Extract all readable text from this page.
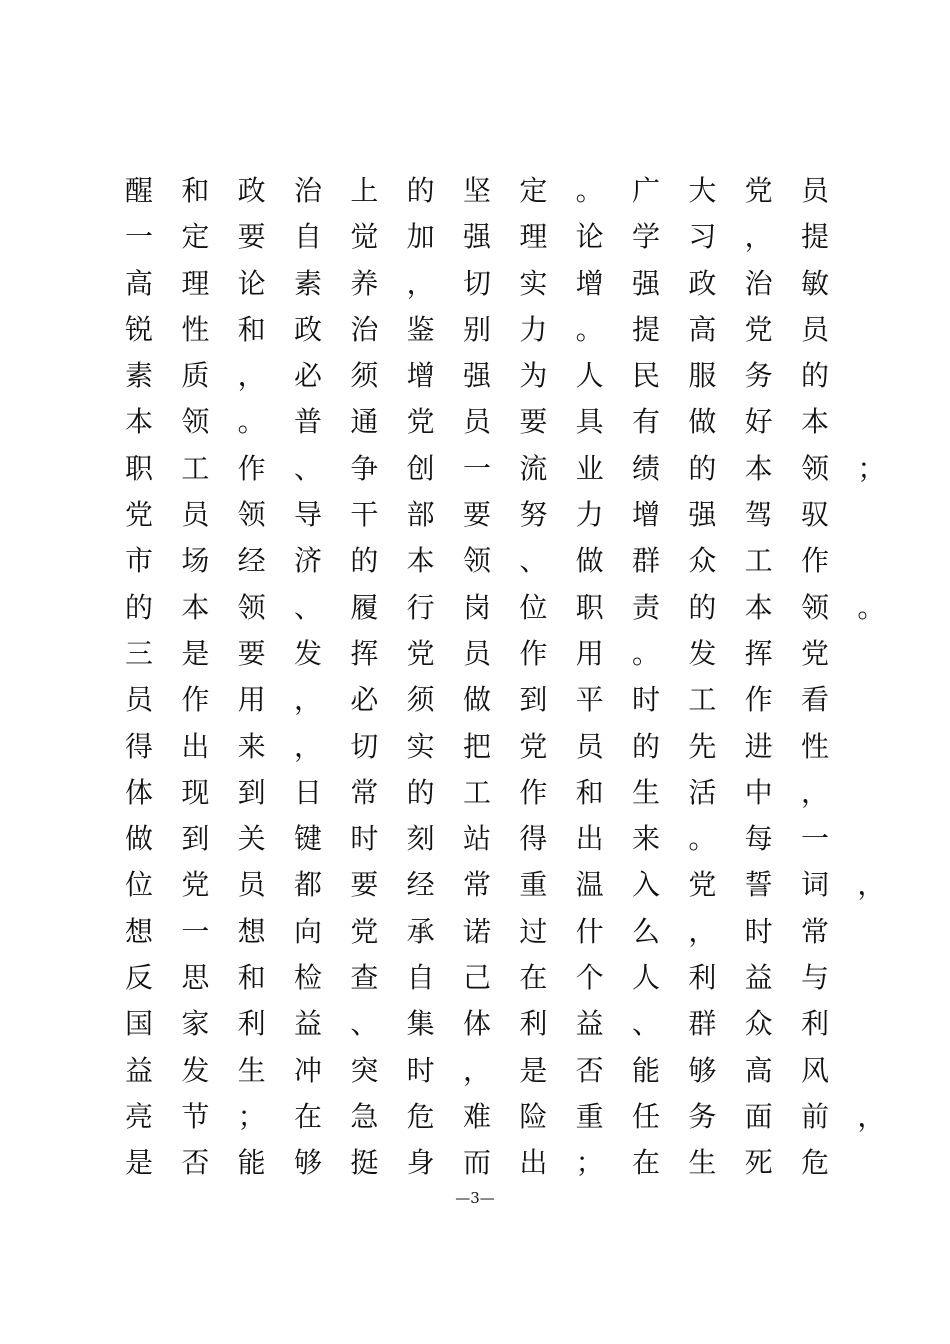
醒 和 政 治 上 的 坚 定 。 广 大 党 员
一 定 要 自 觉 加 强 理 论 学 习 ， 提
高 理 论 素 养 ， 切 实 增 强 政 治 敏
锐 性 和 政 治 鉴 别 力 。 提 高 党 员
素 质 ， 必 须 增 强 为 人 民 服 务 的
本 领 。 普 通 党 员 要 具 有 做 好 本
职 工 作 、 争 创 一 流 业 绩 的 本 领 ；
党 员 领 导 干 部 要 努 力 增 强 驾 驭
市 场 经 济 的 本 领 、 做 群 众 工 作
的 本 领 、 履 行 岗 位 职 责 的 本 领 。
三 是 要 发 挥 党 员 作 用 。 发 挥 党
员 作 用 ， 必 须 做 到 平 时 工 作 看
得 出 来 ， 切 实 把 党 员 的 先 进 性
体 现 到 日 常 的 工 作 和 生 活 中 ，
做 到 关 键 时 刻 站 得 出 来 。 每 一
位 党 员 都 要 经 常 重 温 入 党 誓 词 ，
想 一 想 向 党 承 诺 过 什 么 ， 时 常
反 思 和 检 查 自 己 在 个 人 利 益 与
国 家 利 益 、 集 体 利 益 、 群 众 利
益 发 生 冲 突 时 ， 是 否 能 够 高 风
亮 节 ； 在 急 危 难 险 重 任 务 面 前 ，
是 否 能 够 挺 身 而 出 ； 在 生 死 危
—3—
